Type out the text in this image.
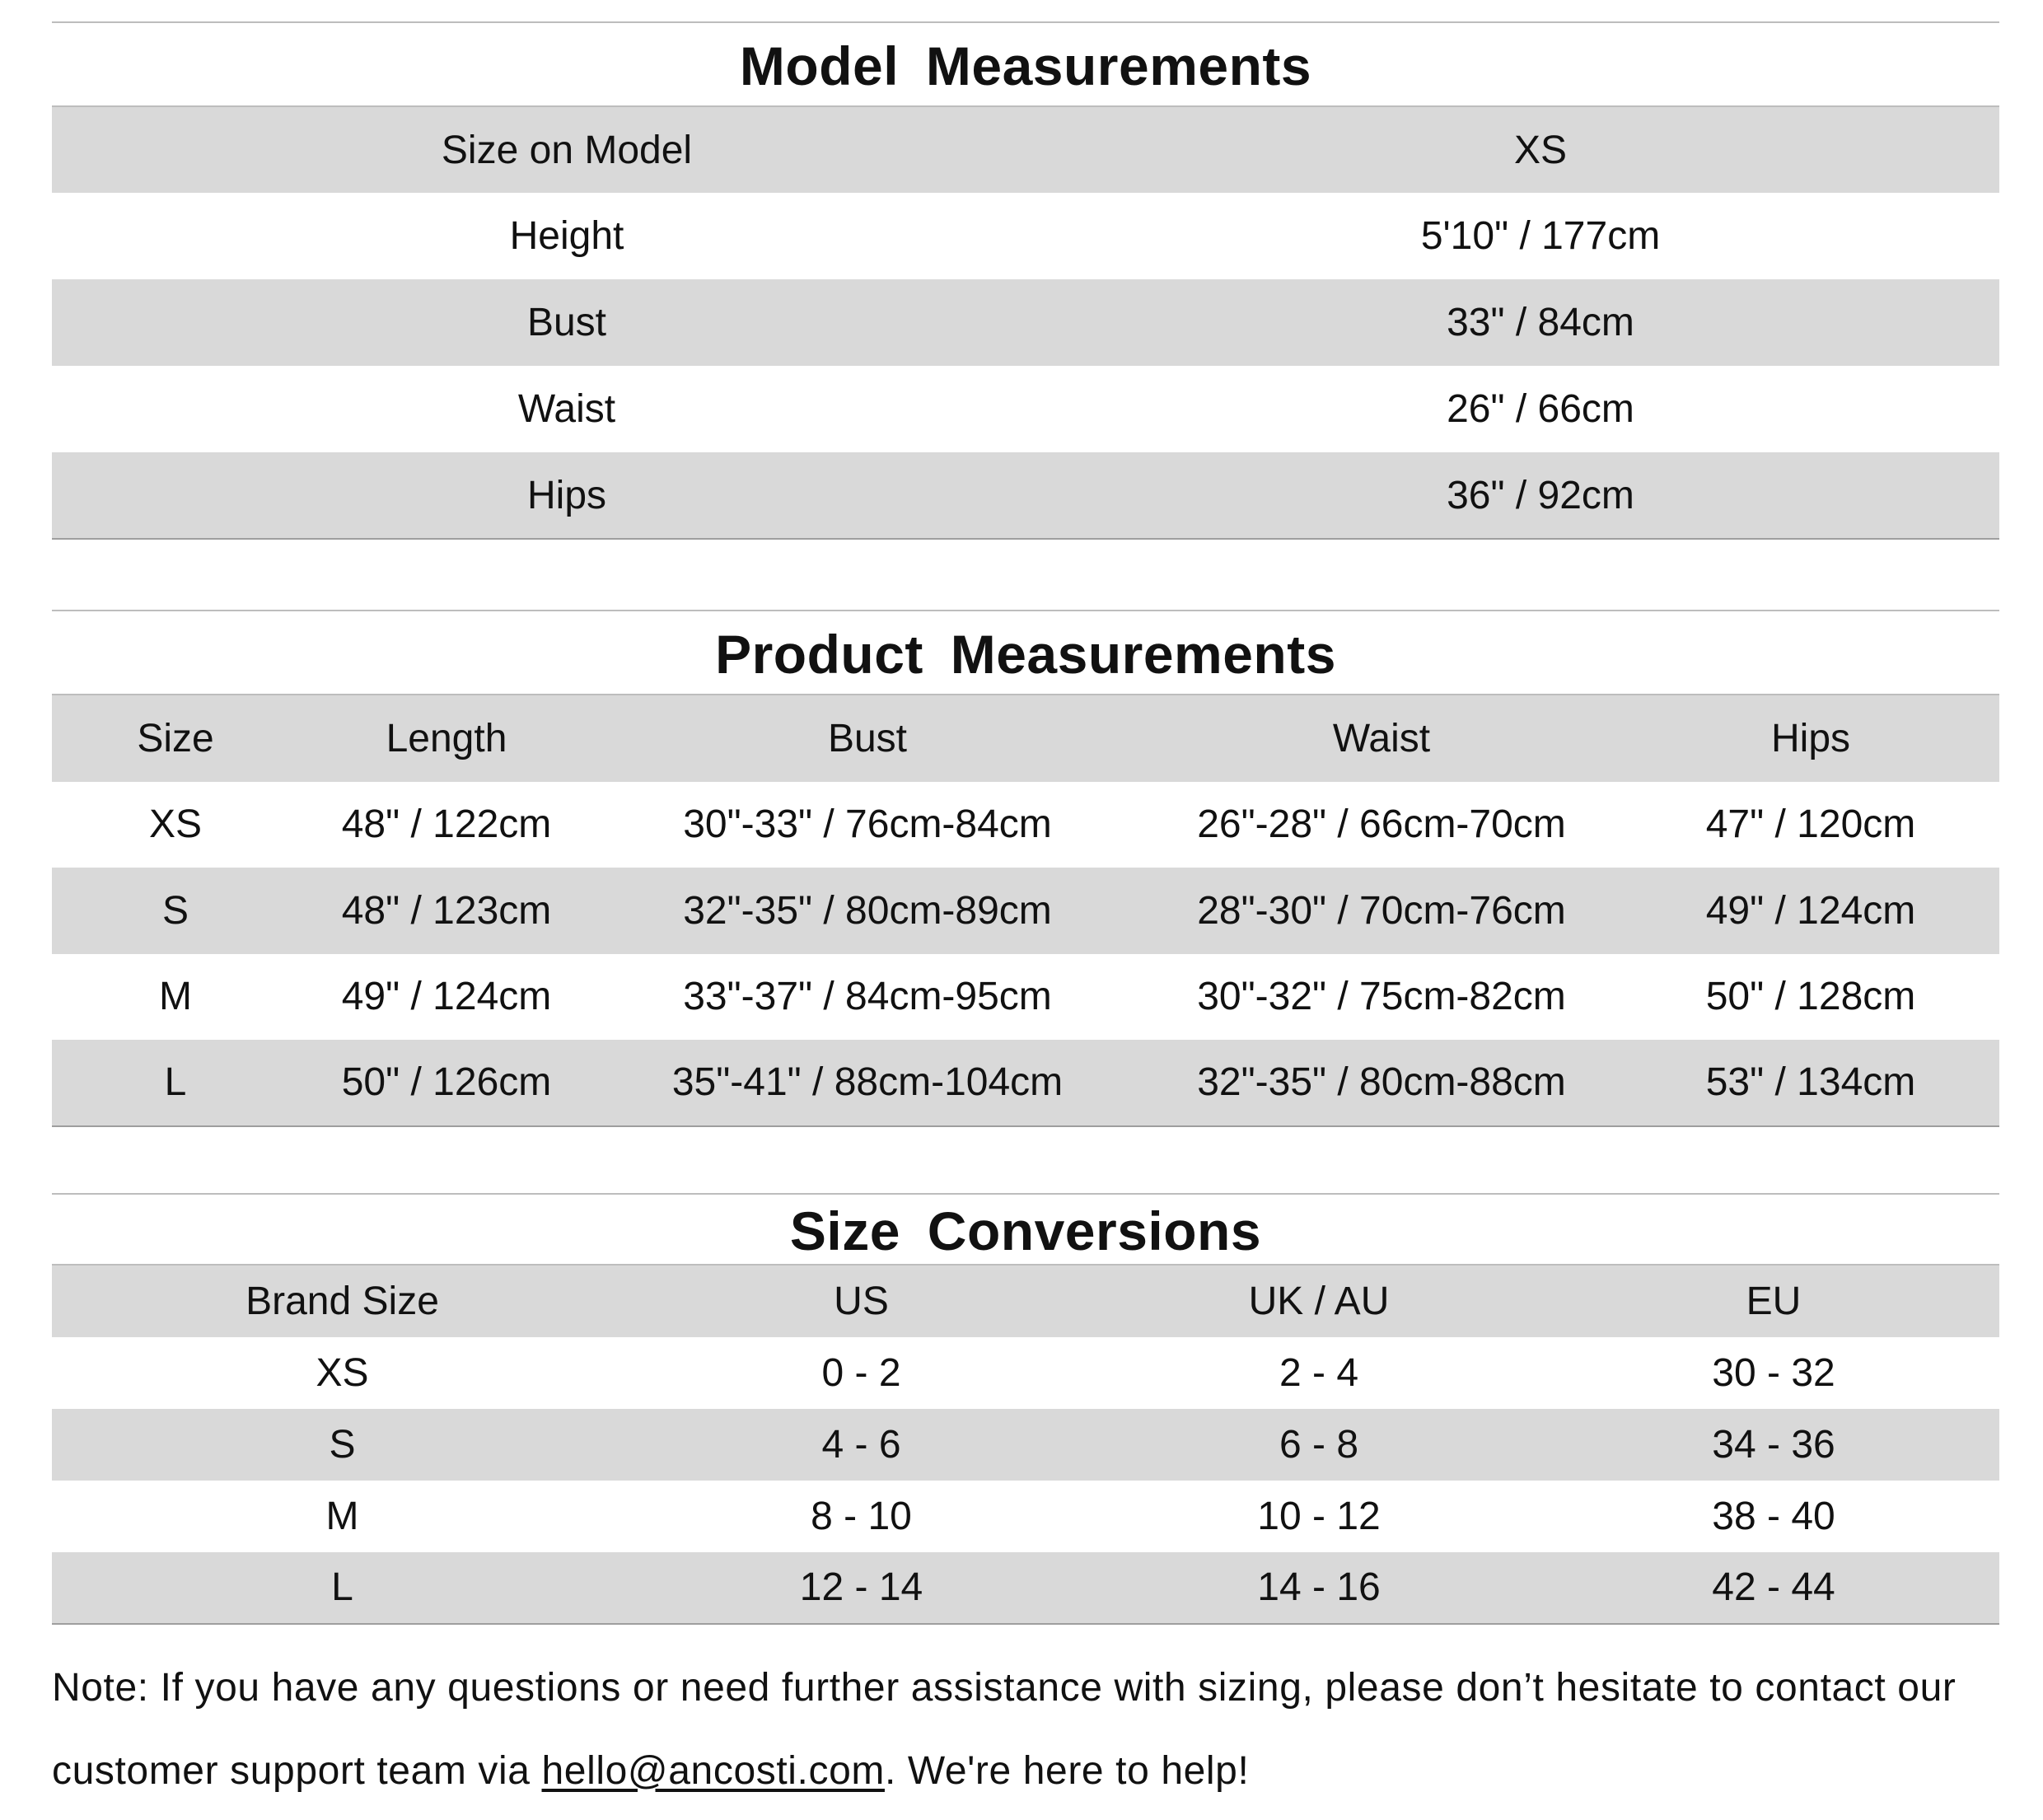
Model Measurements
Size on Model	XS
Height	5'10" / 177cm
Bust	33" / 84cm
Waist	26" / 66cm
Hips	36" / 92cm
Product Measurements
Size	Length	Bust	Waist	Hips
XS	48" / 122cm	30"-33" / 76cm-84cm	26"-28" / 66cm-70cm	47" / 120cm
S	48" / 123cm	32"-35" / 80cm-89cm	28"-30" / 70cm-76cm	49" / 124cm
M	49" / 124cm	33"-37" / 84cm-95cm	30"-32" / 75cm-82cm	50" / 128cm
L	50" / 126cm	35"-41" / 88cm-104cm	32"-35" / 80cm-88cm	53" / 134cm
Size Conversions
Brand Size	US	UK / AU	EU
XS	0 - 2	2 - 4	30 - 32
S	4 - 6	6 - 8	34 - 36
M	8 - 10	10 - 12	38 - 40
L	12 - 14	14 - 16	42 - 44
Note: If you have any questions or need further assistance with sizing, please don’t hesitate to contact our customer support team via hello@ancosti.com. We're here to help!
